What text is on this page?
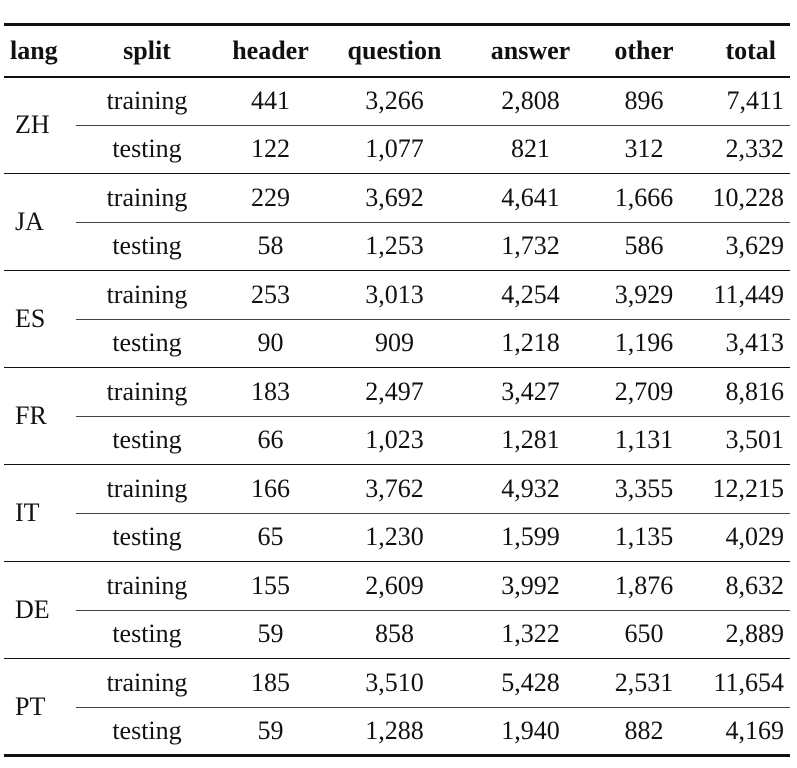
lang	split	header	question	answer	other	total
ZH	training	441	3,266	2,808	896	7,411
	testing	122	1,077	821	312	2,332
JA	training	229	3,692	4,641	1,666	10,228
	testing	58	1,253	1,732	586	3,629
ES	training	253	3,013	4,254	3,929	11,449
	testing	90	909	1,218	1,196	3,413
FR	training	183	2,497	3,427	2,709	8,816
	testing	66	1,023	1,281	1,131	3,501
IT	training	166	3,762	4,932	3,355	12,215
	testing	65	1,230	1,599	1,135	4,029
DE	training	155	2,609	3,992	1,876	8,632
	testing	59	858	1,322	650	2,889
PT	training	185	3,510	5,428	2,531	11,654
	testing	59	1,288	1,940	882	4,169
